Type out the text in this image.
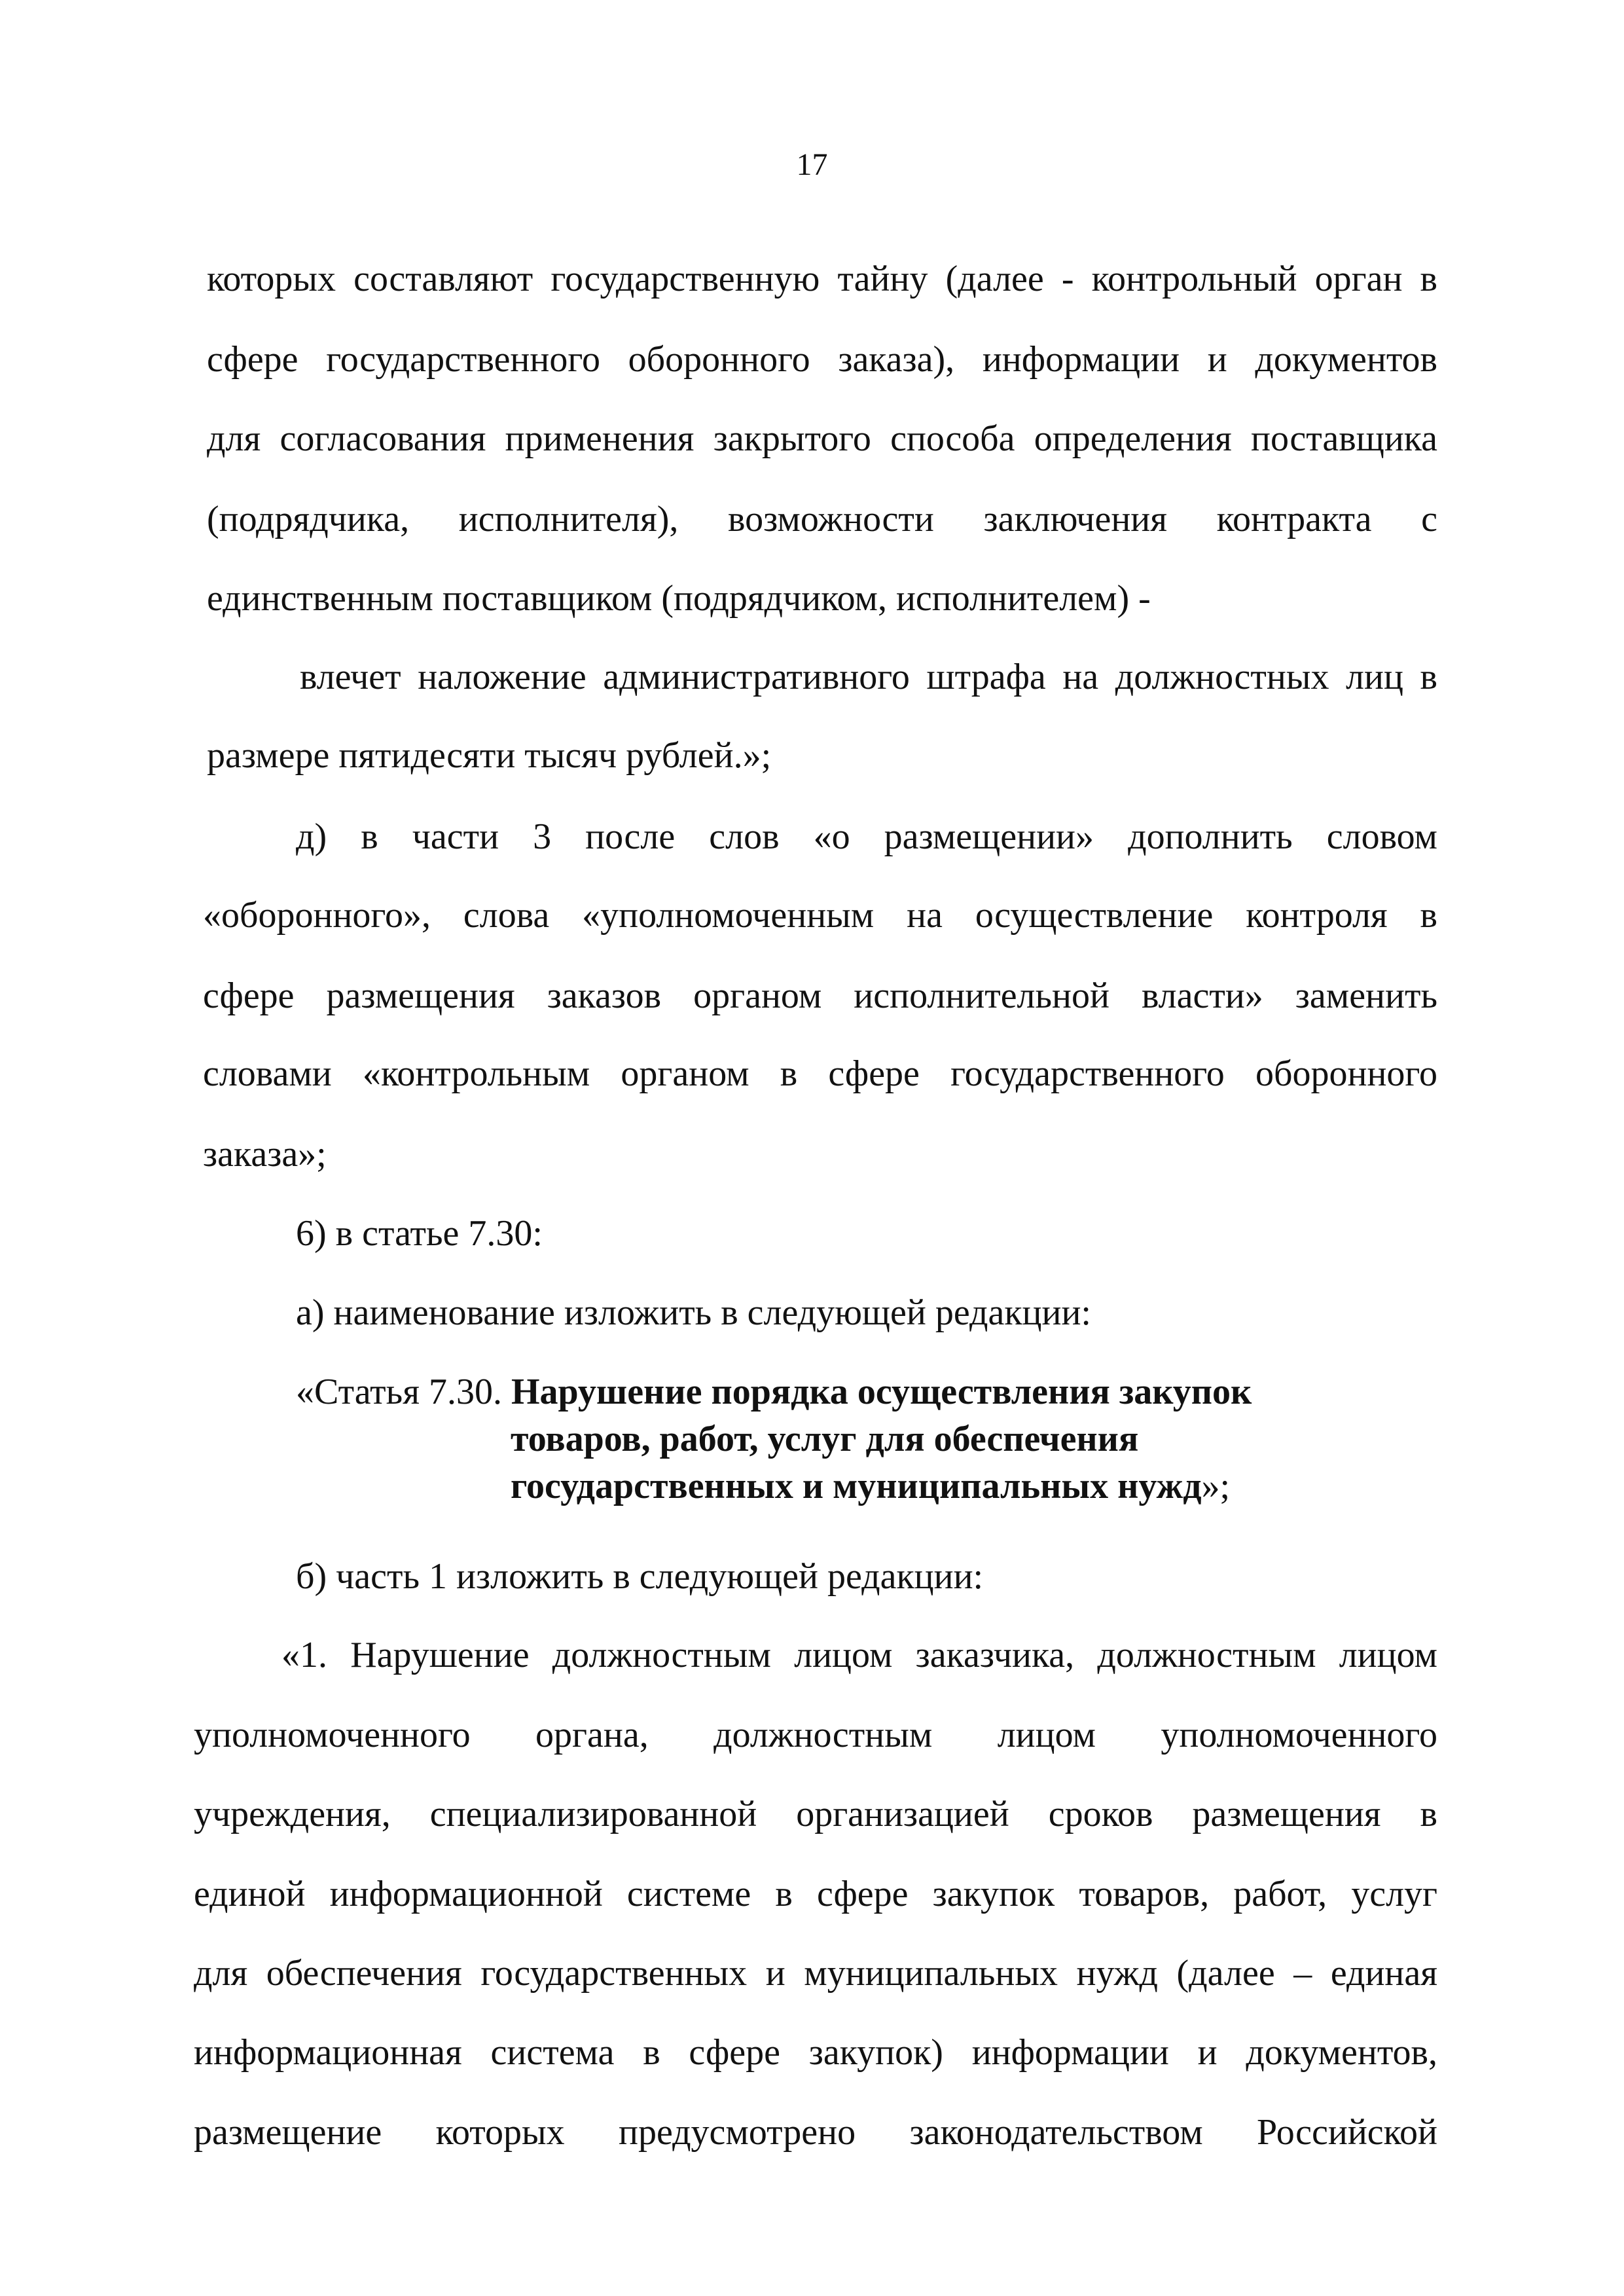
17
которых составляют государственную тайну (далее - контрольный орган в
сфере государственного оборонного заказа), информации и документов
для согласования применения закрытого способа определения поставщика
(подрядчика, исполнителя), возможности заключения контракта с
единственным поставщиком (подрядчиком, исполнителем) -
влечет наложение административного штрафа на должностных лиц в
размере пятидесяти тысяч рублей.»;
д) в части 3 после слов «о размещении» дополнить словом
«оборонного», слова «уполномоченным на осуществление контроля в
сфере размещения заказов органом исполнительной власти» заменить
словами «контрольным органом в сфере государственного оборонного
заказа»;
6) в статье 7.30:
а) наименование изложить в следующей редакции:
«Статья 7.30. Нарушение порядка осуществления закупок
товаров, работ, услуг для обеспечения
государственных и муниципальных нужд»;
б) часть 1 изложить в следующей редакции:
«1. Нарушение должностным лицом заказчика, должностным лицом
уполномоченного органа, должностным лицом уполномоченного
учреждения, специализированной организацией сроков размещения в
единой информационной системе в сфере закупок товаров, работ, услуг
для обеспечения государственных и муниципальных нужд (далее – единая
информационная система в сфере закупок) информации и документов,
размещение которых предусмотрено законодательством Российской
